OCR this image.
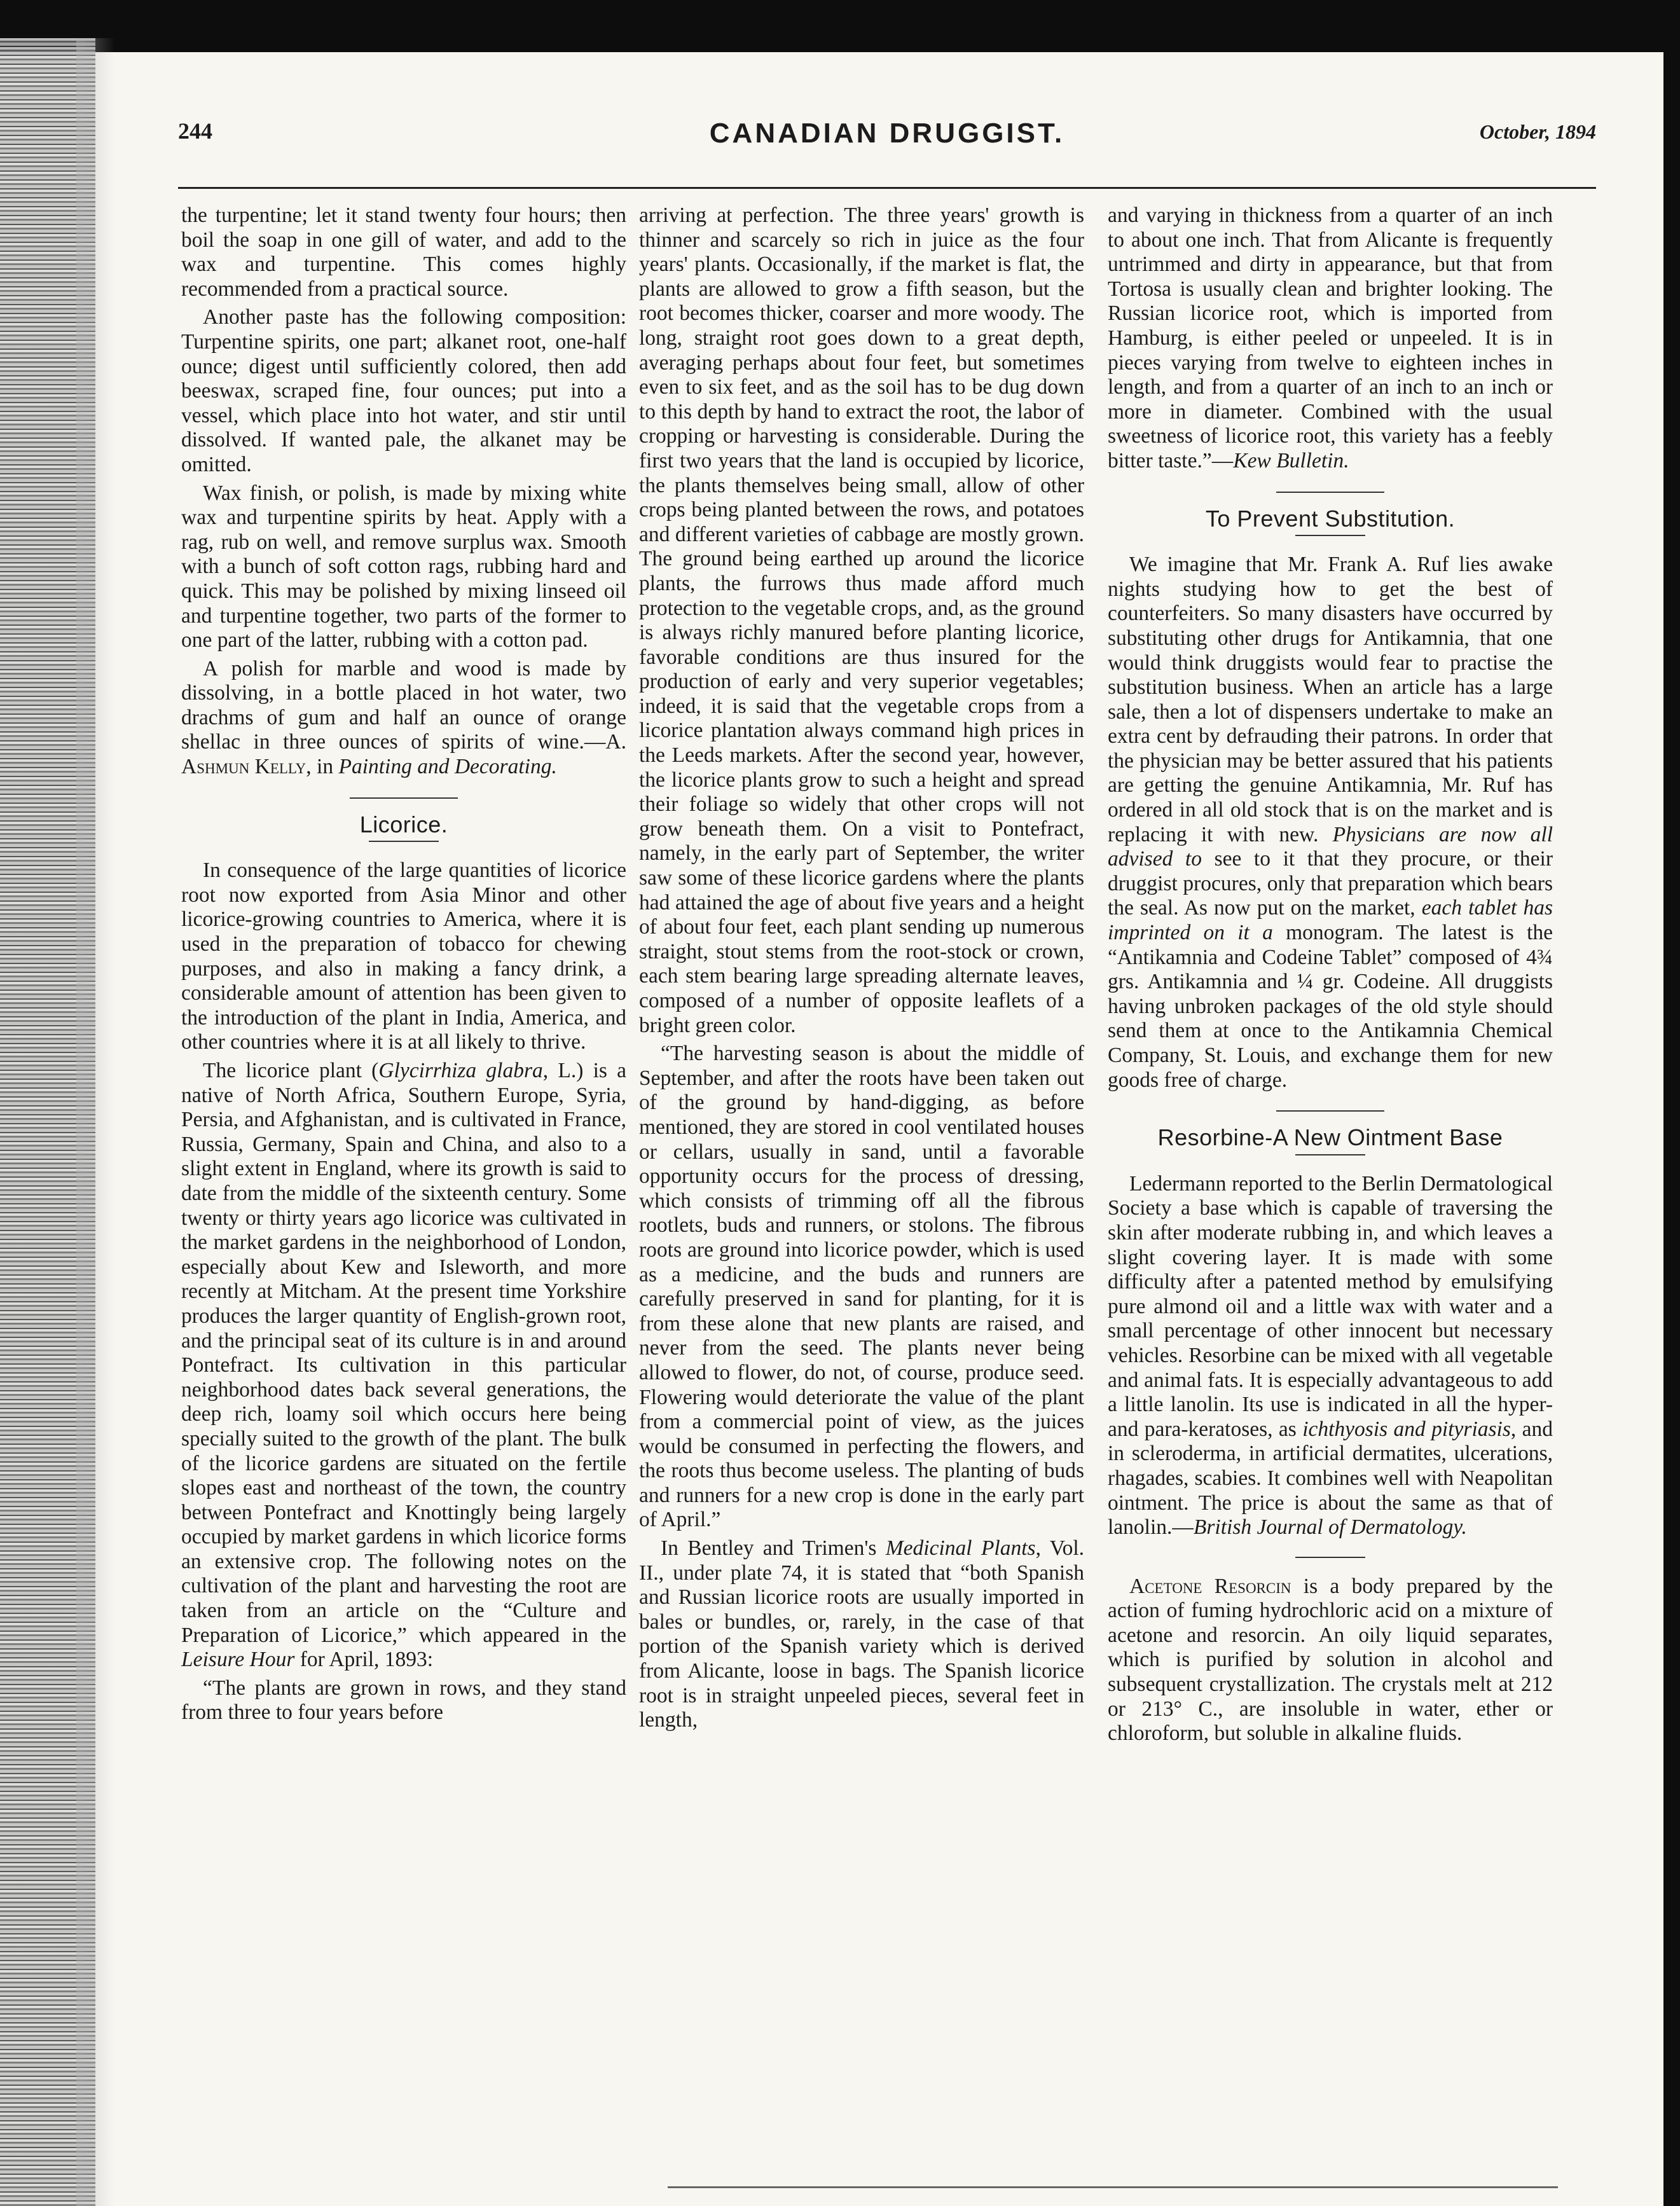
244	CANADIAN DRUGGIST.	October, 1894

the turpentine; let it stand twenty four hours; then boil the soap in one gill of water, and add to the wax and turpentine. This comes highly recommended from a practical source.

Another paste has the following composition: Turpentine spirits, one part; alkanet root, one-half ounce; digest until sufficiently colored, then add beeswax, scraped fine, four ounces; put into a vessel, which place into hot water, and stir until dissolved. If wanted pale, the alkanet may be omitted.

Wax finish, or polish, is made by mixing white wax and turpentine spirits by heat. Apply with a rag, rub on well, and remove surplus wax. Smooth with a bunch of soft cotton rags, rubbing hard and quick. This may be polished by mixing linseed oil and turpentine together, two parts of the former to one part of the latter, rubbing with a cotton pad.

A polish for marble and wood is made by dissolving, in a bottle placed in hot water, two drachms of gum and half an ounce of orange shellac in three ounces of spirits of wine.—A. Ashmun Kelly, in Painting and Decorating.

Licorice.

In consequence of the large quantities of licorice root now exported from Asia Minor and other licorice-growing countries to America, where it is used in the preparation of tobacco for chewing purposes, and also in making a fancy drink, a considerable amount of attention has been given to the introduction of the plant in India, America, and other countries where it is at all likely to thrive.

The licorice plant (Glycirrhiza glabra, L.) is a native of North Africa, Southern Europe, Syria, Persia, and Afghanistan, and is cultivated in France, Russia, Germany, Spain and China, and also to a slight extent in England, where its growth is said to date from the middle of the sixteenth century. Some twenty or thirty years ago licorice was cultivated in the market gardens in the neighborhood of London, especially about Kew and Isleworth, and more recently at Mitcham. At the present time Yorkshire produces the larger quantity of English-grown root, and the principal seat of its culture is in and around Pontefract. Its cultivation in this particular neighborhood dates back several generations, the deep rich, loamy soil which occurs here being specially suited to the growth of the plant. The bulk of the licorice gardens are situated on the fertile slopes east and northeast of the town, the country between Pontefract and Knottingly being largely occupied by market gardens in which licorice forms an extensive crop. The following notes on the cultivation of the plant and harvesting the root are taken from an article on the “Culture and Preparation of Licorice,” which appeared in the Leisure Hour for April, 1893:

“The plants are grown in rows, and they stand from three to four years before

arriving at perfection. The three years' growth is thinner and scarcely so rich in juice as the four years' plants. Occasionally, if the market is flat, the plants are allowed to grow a fifth season, but the root becomes thicker, coarser and more woody. The long, straight root goes down to a great depth, averaging perhaps about four feet, but sometimes even to six feet, and as the soil has to be dug down to this depth by hand to extract the root, the labor of cropping or harvesting is considerable. During the first two years that the land is occupied by licorice, the plants themselves being small, allow of other crops being planted between the rows, and potatoes and different varieties of cabbage are mostly grown. The ground being earthed up around the licorice plants, the furrows thus made afford much protection to the vegetable crops, and, as the ground is always richly manured before planting licorice, favorable conditions are thus insured for the production of early and very superior vegetables; indeed, it is said that the vegetable crops from a licorice plantation always command high prices in the Leeds markets. After the second year, however, the licorice plants grow to such a height and spread their foliage so widely that other crops will not grow beneath them. On a visit to Pontefract, namely, in the early part of September, the writer saw some of these licorice gardens where the plants had attained the age of about five years and a height of about four feet, each plant sending up numerous straight, stout stems from the root-stock or crown, each stem bearing large spreading alternate leaves, composed of a number of opposite leaflets of a bright green color.

“The harvesting season is about the middle of September, and after the roots have been taken out of the ground by hand-digging, as before mentioned, they are stored in cool ventilated houses or cellars, usually in sand, until a favorable opportunity occurs for the process of dressing, which consists of trimming off all the fibrous rootlets, buds and runners, or stolons. The fibrous roots are ground into licorice powder, which is used as a medicine, and the buds and runners are carefully preserved in sand for planting, for it is from these alone that new plants are raised, and never from the seed. The plants never being allowed to flower, do not, of course, produce seed. Flowering would deteriorate the value of the plant from a commercial point of view, as the juices would be consumed in perfecting the flowers, and the roots thus become useless. The planting of buds and runners for a new crop is done in the early part of April.”

In Bentley and Trimen's Medicinal Plants, Vol. II., under plate 74, it is stated that “both Spanish and Russian licorice roots are usually imported in bales or bundles, or, rarely, in the case of that portion of the Spanish variety which is derived from Alicante, loose in bags. The Spanish licorice root is in straight unpeeled pieces, several feet in length,

and varying in thickness from a quarter of an inch to about one inch. That from Alicante is frequently untrimmed and dirty in appearance, but that from Tortosa is usually clean and brighter looking. The Russian licorice root, which is imported from Hamburg, is either peeled or unpeeled. It is in pieces varying from twelve to eighteen inches in length, and from a quarter of an inch to an inch or more in diameter. Combined with the usual sweetness of licorice root, this variety has a feebly bitter taste.”—Kew Bulletin.

To Prevent Substitution.

We imagine that Mr. Frank A. Ruf lies awake nights studying how to get the best of counterfeiters. So many disasters have occurred by substituting other drugs for Antikamnia, that one would think druggists would fear to practise the substitution business. When an article has a large sale, then a lot of dispensers undertake to make an extra cent by defrauding their patrons. In order that the physician may be better assured that his patients are getting the genuine Antikamnia, Mr. Ruf has ordered in all old stock that is on the market and is replacing it with new. Physicians are now all advised to see to it that they procure, or their druggist procures, only that preparation which bears the seal. As now put on the market, each tablet has imprinted on it a monogram. The latest is the “Antikamnia and Codeine Tablet” composed of 4¾ grs. Antikamnia and ¼ gr. Codeine. All druggists having unbroken packages of the old style should send them at once to the Antikamnia Chemical Company, St. Louis, and exchange them for new goods free of charge.

Resorbine-A New Ointment Base

Ledermann reported to the Berlin Dermatological Society a base which is capable of traversing the skin after moderate rubbing in, and which leaves a slight covering layer. It is made with some difficulty after a patented method by emulsifying pure almond oil and a little wax with water and a small percentage of other innocent but necessary vehicles. Resorbine can be mixed with all vegetable and animal fats. It is especially advantageous to add a little lanolin. Its use is indicated in all the hyper- and para-keratoses, as ichthyosis and pityriasis, and in scleroderma, in artificial dermatites, ulcerations, rhagades, scabies. It combines well with Neapolitan ointment. The price is about the same as that of lanolin.—British Journal of Dermatology.

Acetone Resorcin is a body prepared by the action of fuming hydrochloric acid on a mixture of acetone and resorcin. An oily liquid separates, which is purified by solution in alcohol and subsequent crystallization. The crystals melt at 212 or 213° C., are insoluble in water, ether or chloroform, but soluble in alkaline fluids.
